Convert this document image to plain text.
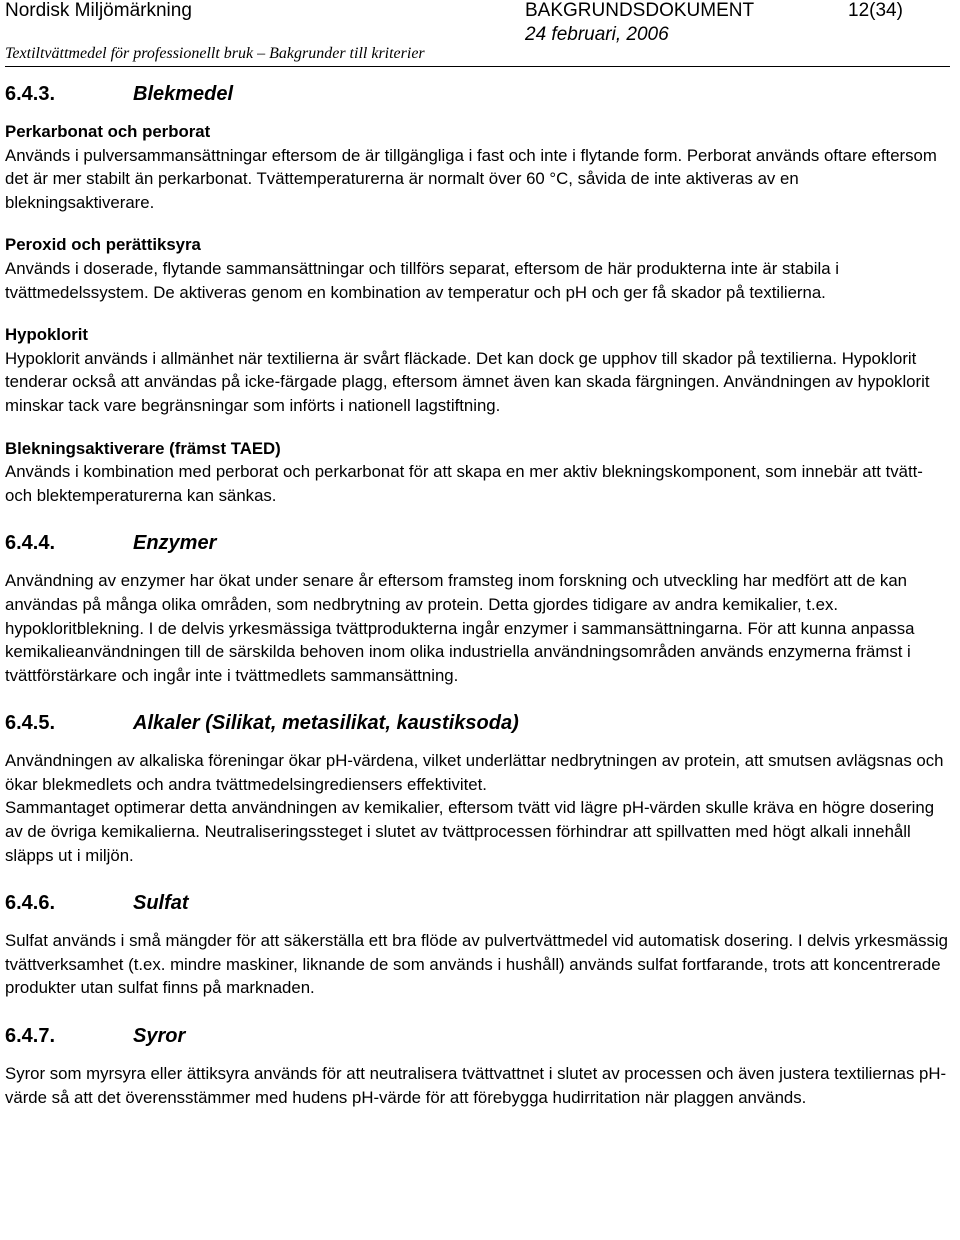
Nordisk Miljömärkning	BAKGRUNDSDOKUMENT	12(34)
24 februari, 2006
Textiltvättmedel för professionellt bruk – Bakgrunder till kriterier
6.4.3.	Blekmedel
Perkarbonat och perborat

Används i pulversammansättningar eftersom de är tillgängliga i fast och inte i flytande form. Perborat används oftare eftersom det är mer stabilt än perkarbonat. Tvättemperaturerna är normalt över 60 °C, såvida de inte aktiveras av en blekningsaktiverare.

Peroxid och perättiksyra

Används i doserade, flytande sammansättningar och tillförs separat, eftersom de här produkterna inte är stabila i tvättmedelssystem. De aktiveras genom en kombination av temperatur och pH och ger få skador på textilierna.

Hypoklorit

Hypoklorit används i allmänhet när textilierna är svårt fläckade. Det kan dock ge upphov till skador på textilierna. Hypoklorit tenderar också att användas på icke-färgade plagg, eftersom ämnet även kan skada färgningen. Användningen av hypoklorit minskar tack vare begränsningar som införts i nationell lagstiftning.

Blekningsaktiverare (främst TAED)

Används i kombination med perborat och perkarbonat för att skapa en mer aktiv blekningskomponent, som innebär att tvätt- och blektemperaturerna kan sänkas.

6.4.4.	Enzymer

Användning av enzymer har ökat under senare år eftersom framsteg inom forskning och utveckling har medfört att de kan användas på många olika områden, som nedbrytning av protein. Detta gjordes tidigare av andra kemikalier, t.ex. hypokloritblekning. I de delvis yrkesmässiga tvättprodukterna ingår enzymer i sammansättningarna. För att kunna anpassa kemikalieanvändningen till de särskilda behoven inom olika industriella användningsområden används enzymerna främst i tvättförstärkare och ingår inte i tvättmedlets sammansättning.

6.4.5.	Alkaler (Silikat, metasilikat, kaustiksoda)

Användningen av alkaliska föreningar ökar pH-värdena, vilket underlättar nedbrytningen av protein, att smutsen avlägsnas och ökar blekmedlets och andra tvättmedelsingrediensers effektivitet.

Sammantaget optimerar detta användningen av kemikalier, eftersom tvätt vid lägre pH-värden skulle kräva en högre dosering av de övriga kemikalierna. Neutraliseringssteget i slutet av tvättprocessen förhindrar att spillvatten med högt alkali innehåll släpps ut i miljön.

6.4.6.	Sulfat

Sulfat används i små mängder för att säkerställa ett bra flöde av pulvertvättmedel vid automatisk dosering. I delvis yrkesmässig tvättverksamhet (t.ex. mindre maskiner, liknande de som används i hushåll) används sulfat fortfarande, trots att koncentrerade produkter utan sulfat finns på marknaden.

6.4.7.	Syror

Syror som myrsyra eller ättiksyra används för att neutralisera tvättvattnet i slutet av processen och även justera textiliernas pH-värde så att det överensstämmer med hudens pH-värde för att förebygga hudirritation när plaggen används.
